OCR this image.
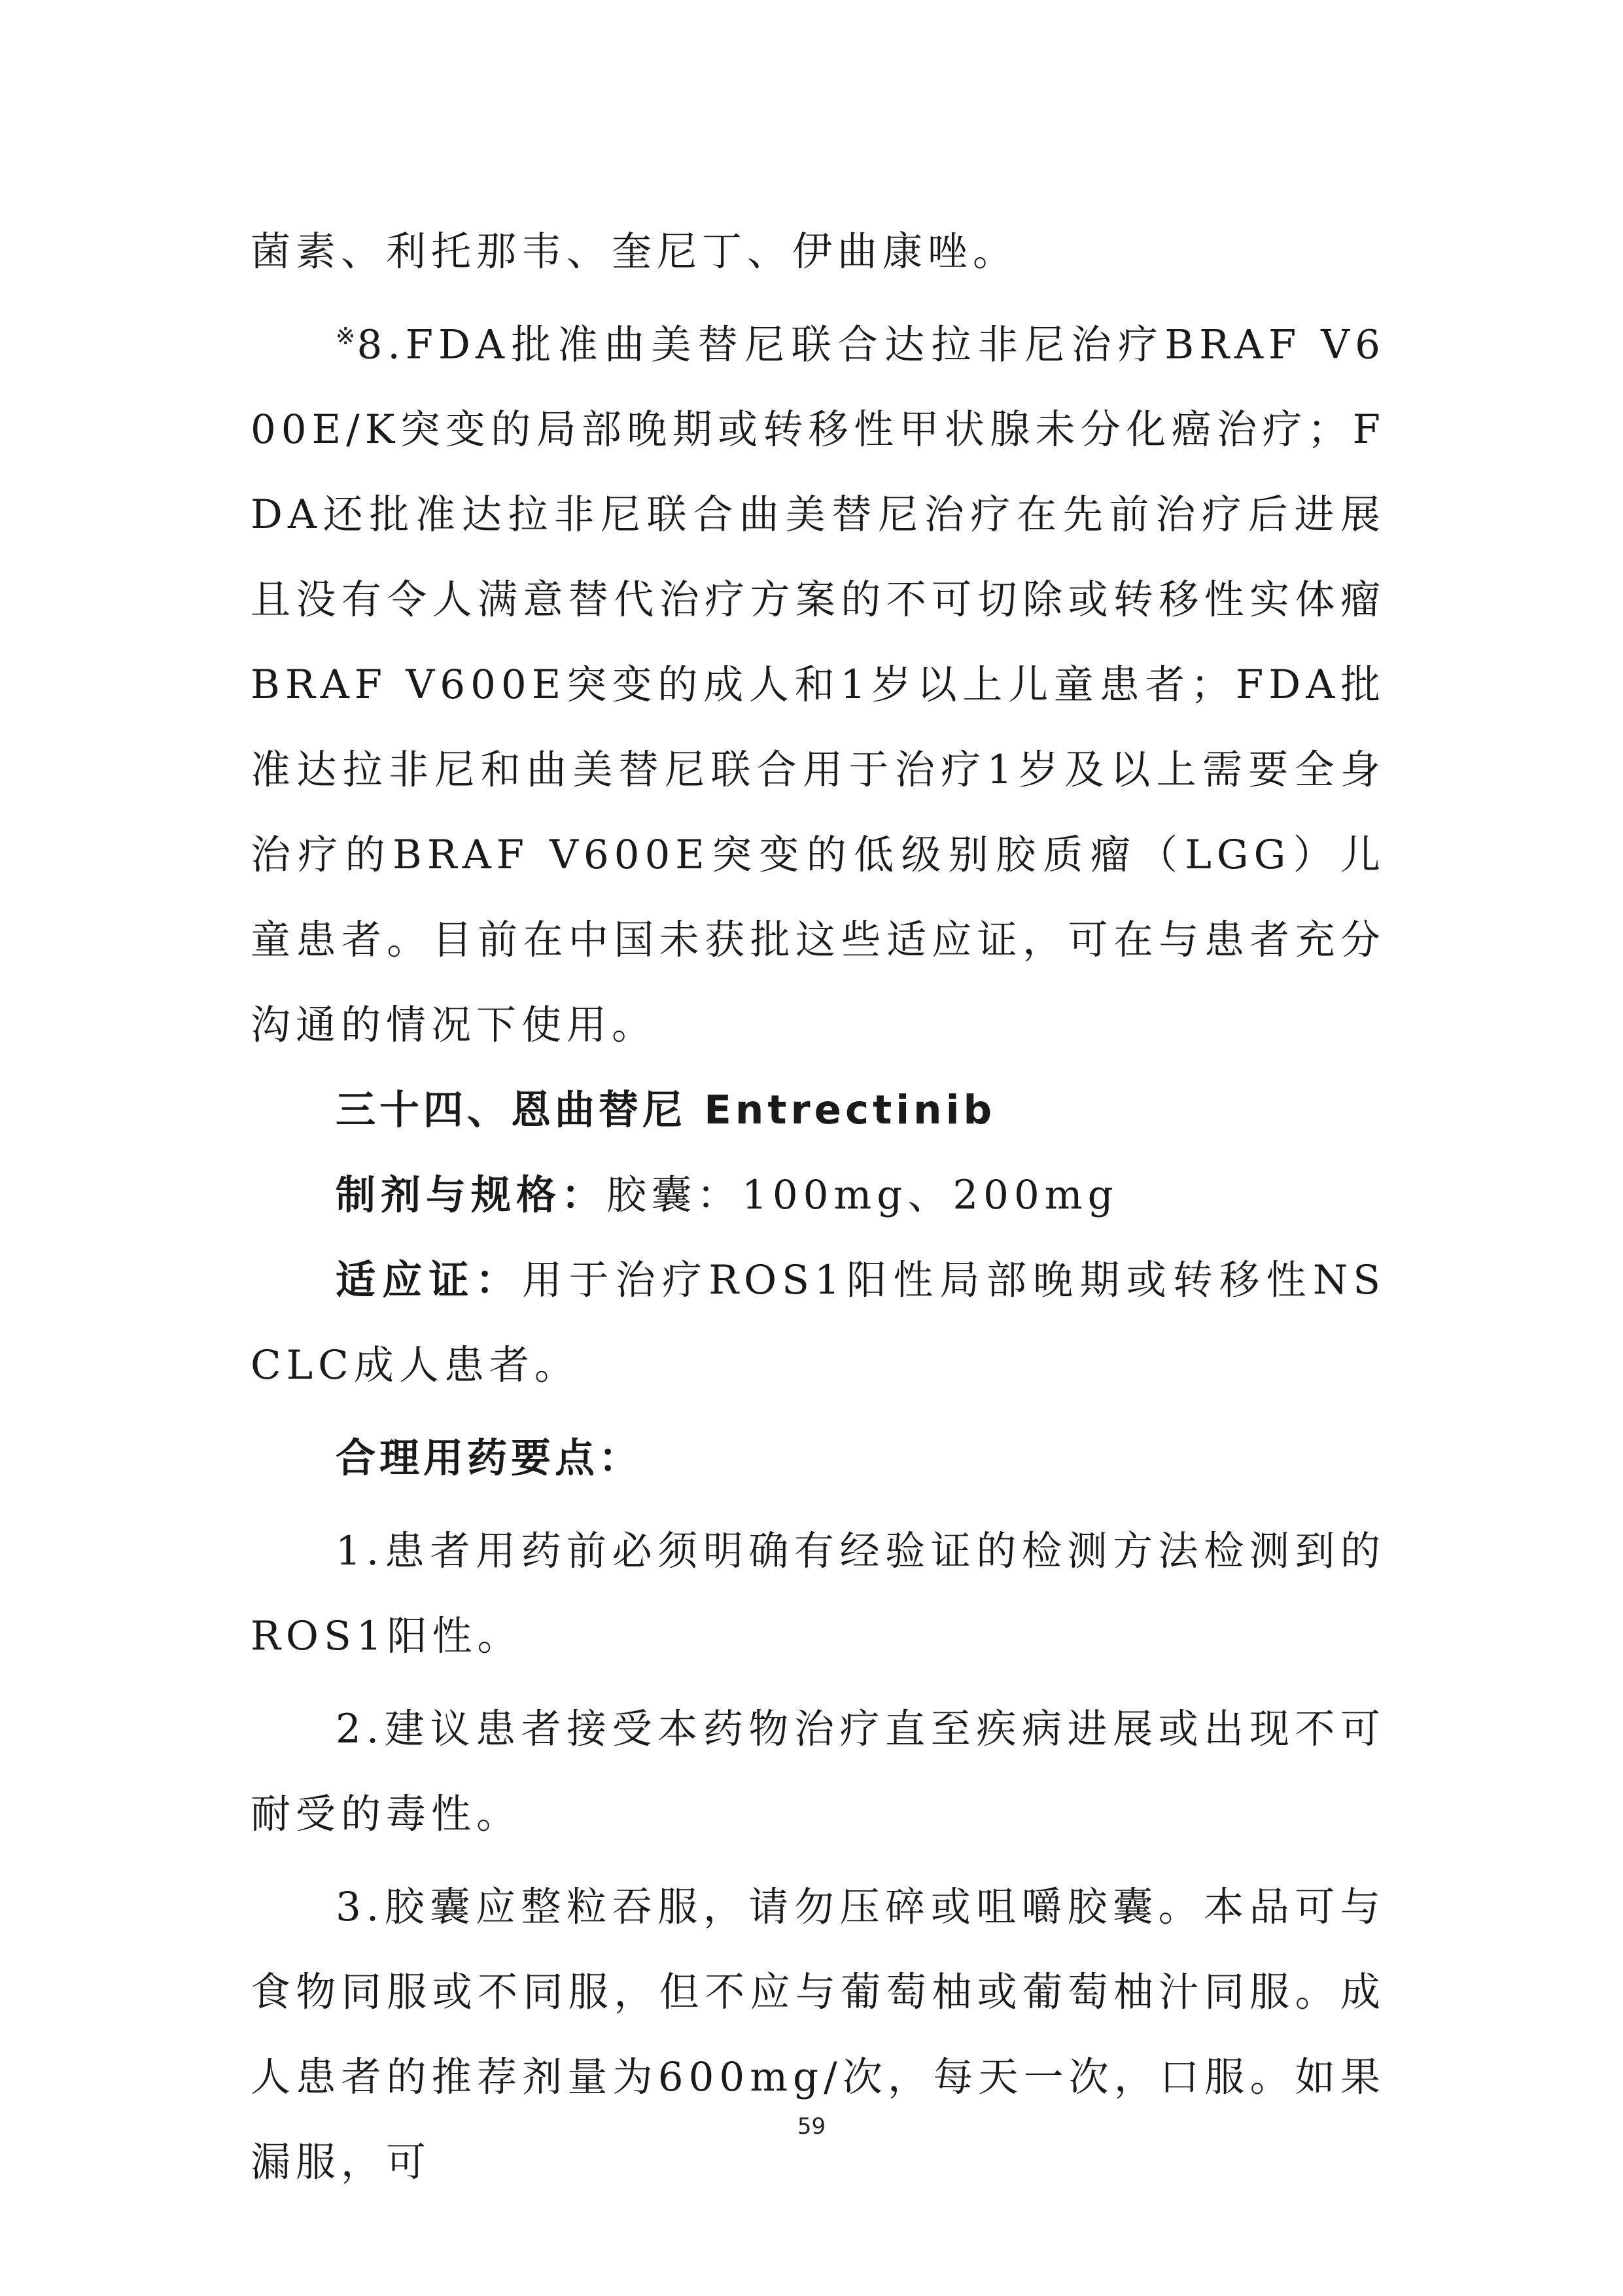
菌素、利托那韦、奎尼丁、伊曲康唑。

※8.FDA批准曲美替尼联合达拉非尼治疗BRAF V600E/K突变的局部晚期或转移性甲状腺未分化癌治疗；FDA还批准达拉非尼联合曲美替尼治疗在先前治疗后进展且没有令人满意替代治疗方案的不可切除或转移性实体瘤BRAF V600E突变的成人和1岁以上儿童患者；FDA批准达拉非尼和曲美替尼联合用于治疗1岁及以上需要全身治疗的BRAF V600E突变的低级别胶质瘤（LGG）儿童患者。目前在中国未获批这些适应证，可在与患者充分沟通的情况下使用。

三十四、恩曲替尼 Entrectinib

制剂与规格：胶囊：100mg、200mg

适应证：用于治疗ROS1阳性局部晚期或转移性NSCLC成人患者。

合理用药要点：

1.患者用药前必须明确有经验证的检测方法检测到的ROS1阳性。

2.建议患者接受本药物治疗直至疾病进展或出现不可耐受的毒性。

3.胶囊应整粒吞服，请勿压碎或咀嚼胶囊。本品可与食物同服或不同服，但不应与葡萄柚或葡萄柚汁同服。成人患者的推荐剂量为600mg/次，每天一次，口服。如果漏服，可

59
